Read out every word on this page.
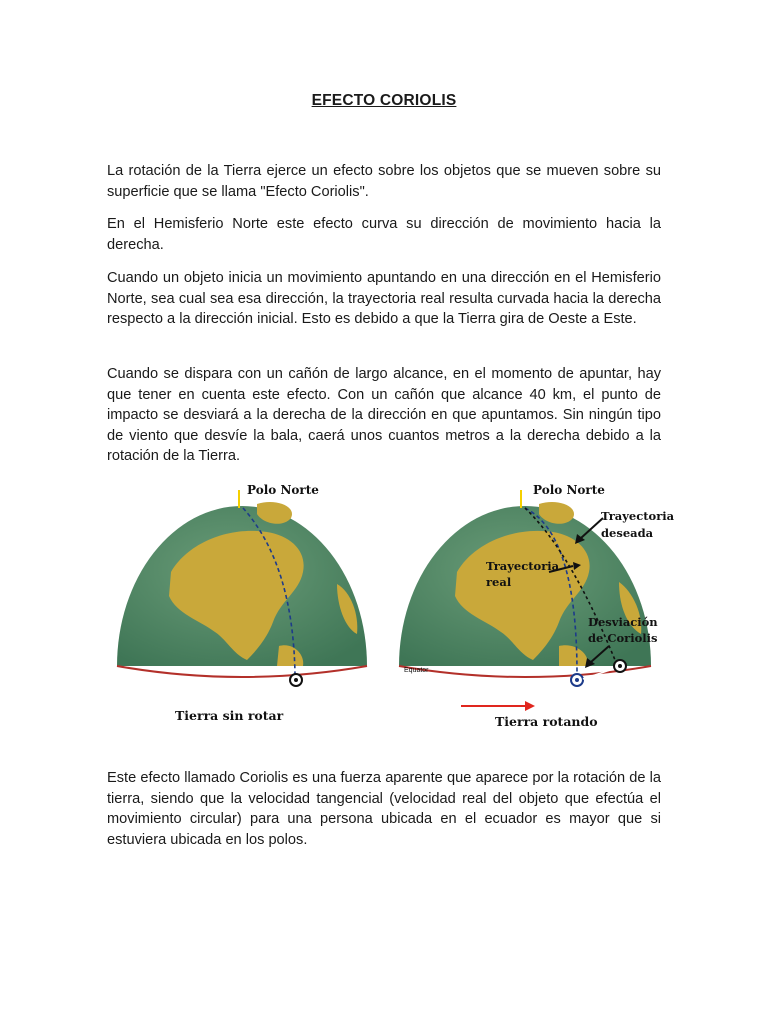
EFECTO CORIOLIS

La rotación de la Tierra ejerce un efecto sobre los objetos que se mueven sobre su superficie que se llama "Efecto Coriolis".

En el Hemisferio Norte este efecto curva su dirección de movimiento hacia la derecha.

Cuando un objeto inicia un movimiento apuntando en una dirección en el Hemisferio Norte, sea cual sea esa dirección, la trayectoria real resulta curvada hacia la derecha respecto a la dirección inicial. Esto es debido a que la Tierra gira de Oeste a Este.

Cuando se dispara con un cañón de largo alcance, en el momento de apuntar, hay que tener en cuenta este efecto. Con un cañón que alcance 40 km, el punto de impacto se desviará a la derecha de la dirección en que apuntamos. Sin ningún tipo de viento que desvíe la bala, caerá unos cuantos metros a la derecha debido a la rotación de la Tierra.

Este efecto llamado Coriolis es una fuerza aparente que aparece por la rotación de la tierra, siendo que la velocidad tangencial (velocidad real del objeto que efectúa el movimiento circular) para una persona ubicada en el ecuador es mayor que si estuviera ubicada en los polos.

Polo Norte
Tierra sin rotar
Polo Norte
Trayectoria
deseada
Trayectoria
real
Desviación
de Coriolis
Equator
Tierra rotando
